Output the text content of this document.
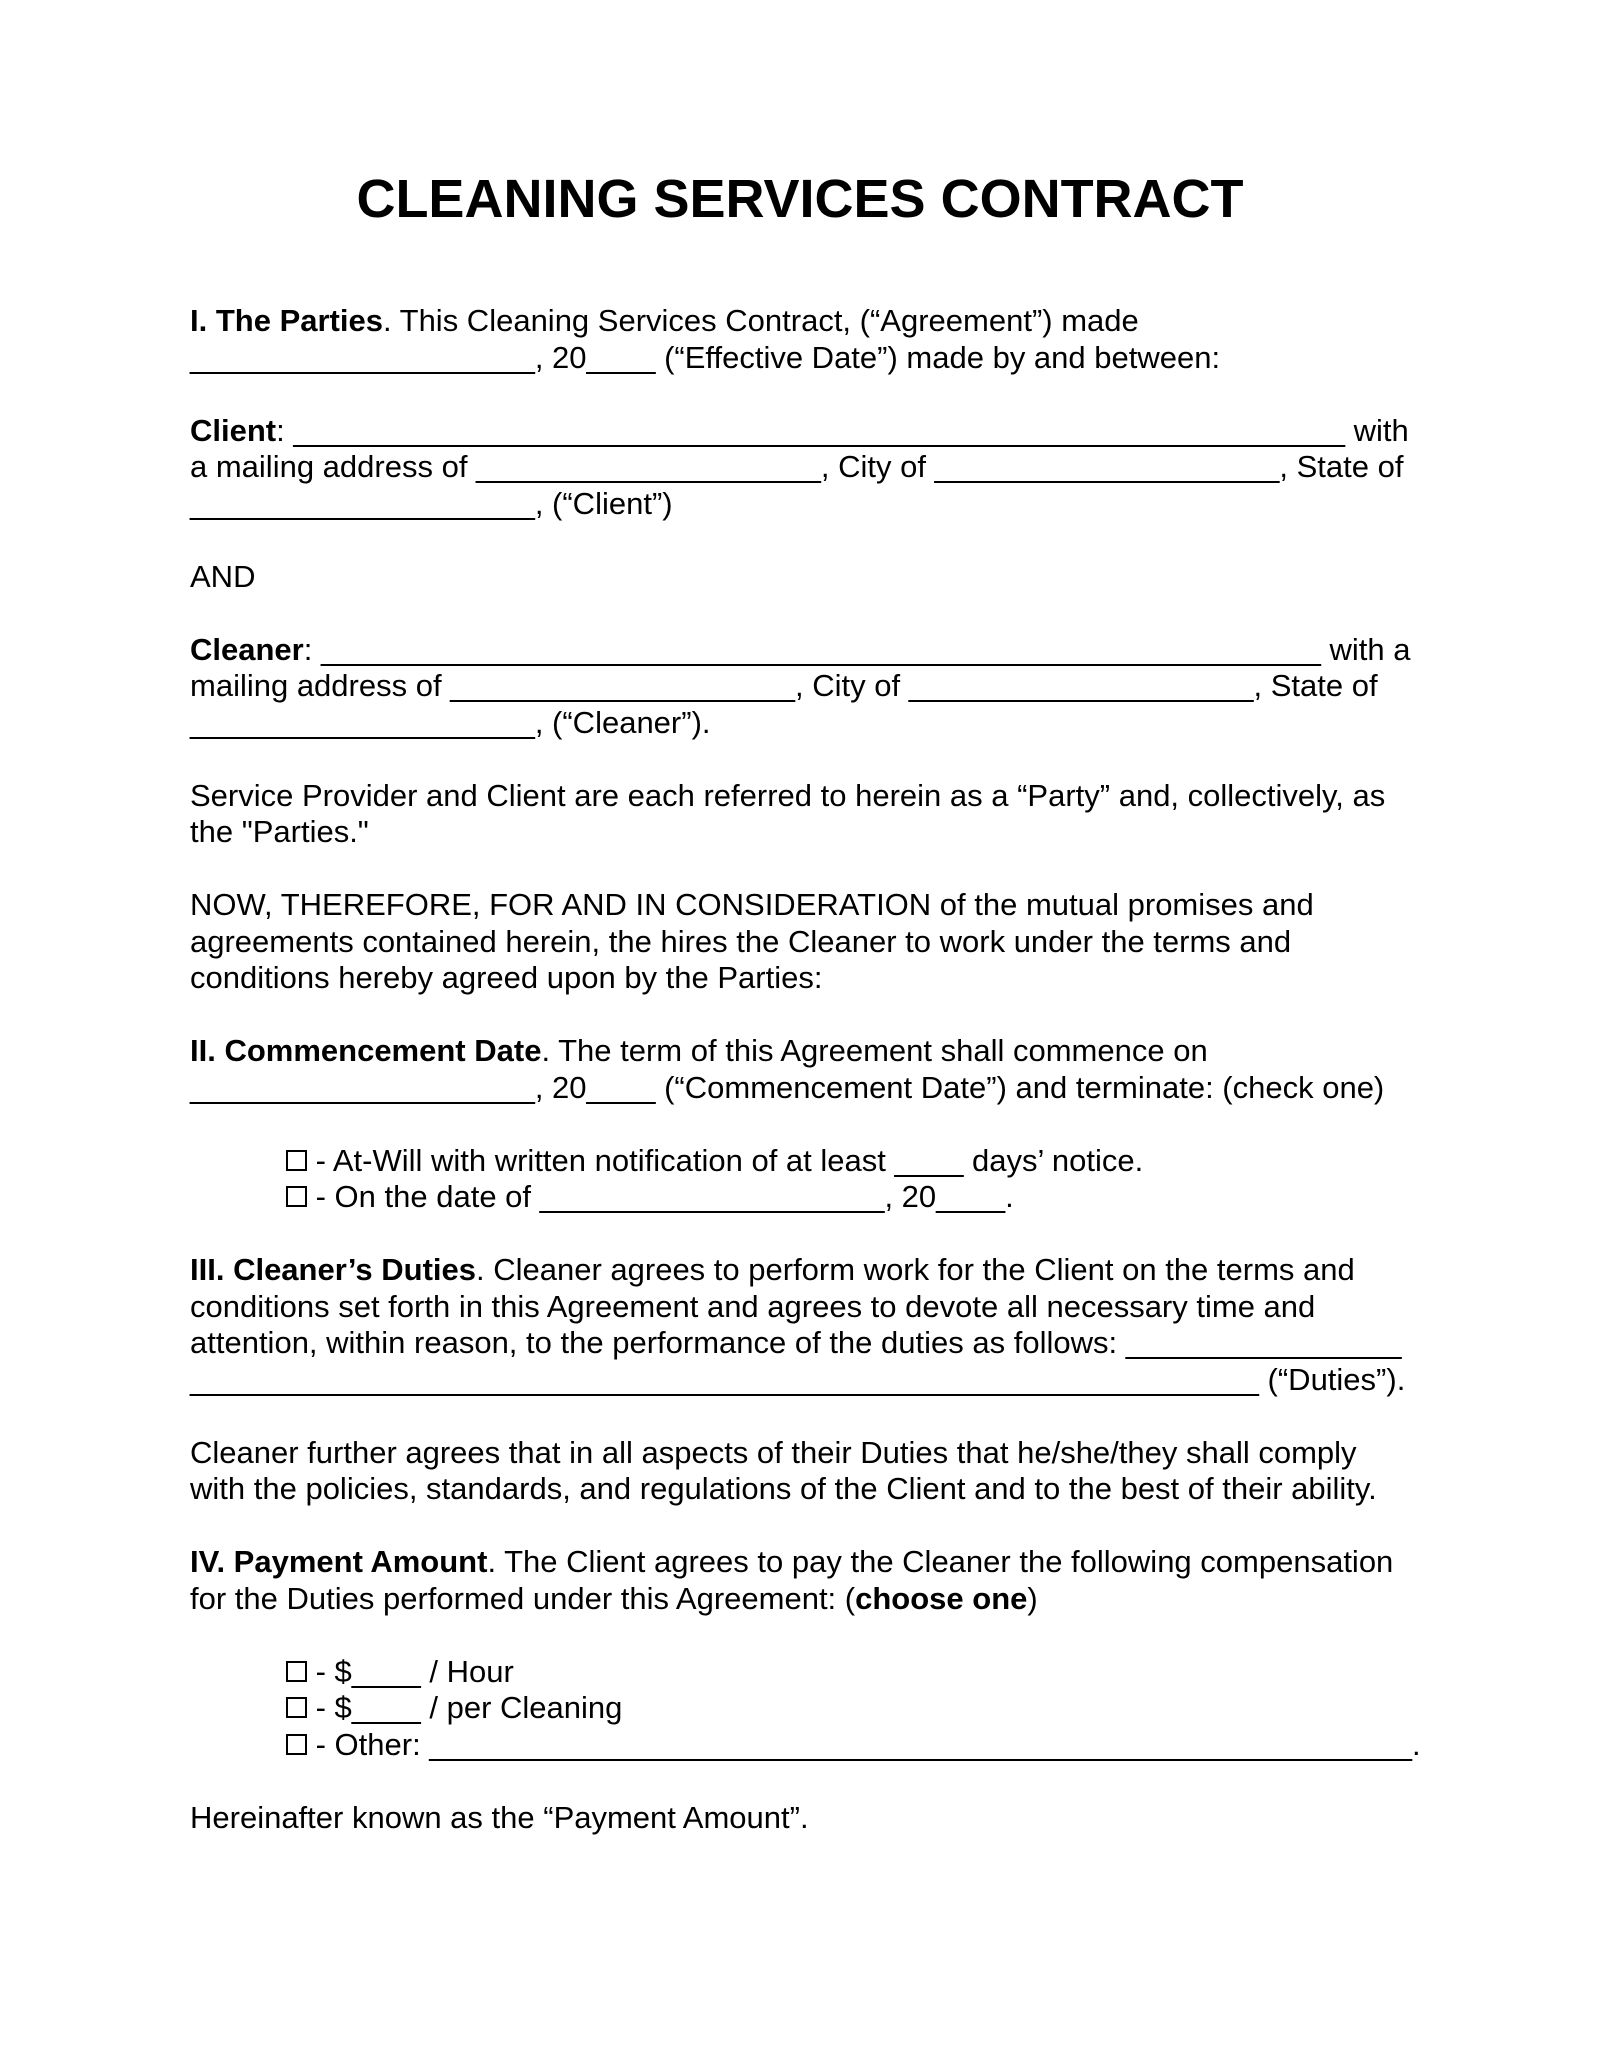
CLEANING SERVICES CONTRACT
I. The Parties. This Cleaning Services Contract, (“Agreement”) made
____________________, 20____ (“Effective Date”) made by and between:
Client: _____________________________________________________________ with
a mailing address of ____________________, City of ____________________, State of
____________________, (“Client”)
AND
Cleaner: __________________________________________________________ with a
mailing address of ____________________, City of ____________________, State of
____________________, (“Cleaner”).
Service Provider and Client are each referred to herein as a “Party” and, collectively, as
the "Parties."
NOW, THEREFORE, FOR AND IN CONSIDERATION of the mutual promises and
agreements contained herein, the hires the Cleaner to work under the terms and
conditions hereby agreed upon by the Parties:
II. Commencement Date. The term of this Agreement shall commence on
____________________, 20____ (“Commencement Date”) and terminate: (check one)
- At-Will with written notification of at least ____ days’ notice.
- On the date of ____________________, 20____.
III. Cleaner’s Duties. Cleaner agrees to perform work for the Client on the terms and
conditions set forth in this Agreement and agrees to devote all necessary time and
attention, within reason, to the performance of the duties as follows: ________________
______________________________________________________________ (“Duties”).
Cleaner further agrees that in all aspects of their Duties that he/she/they shall comply
with the policies, standards, and regulations of the Client and to the best of their ability.
IV. Payment Amount. The Client agrees to pay the Cleaner the following compensation
for the Duties performed under this Agreement: (choose one)
- $____ / Hour
- $____ / per Cleaning
- Other: _________________________________________________________.
Hereinafter known as the “Payment Amount”.
